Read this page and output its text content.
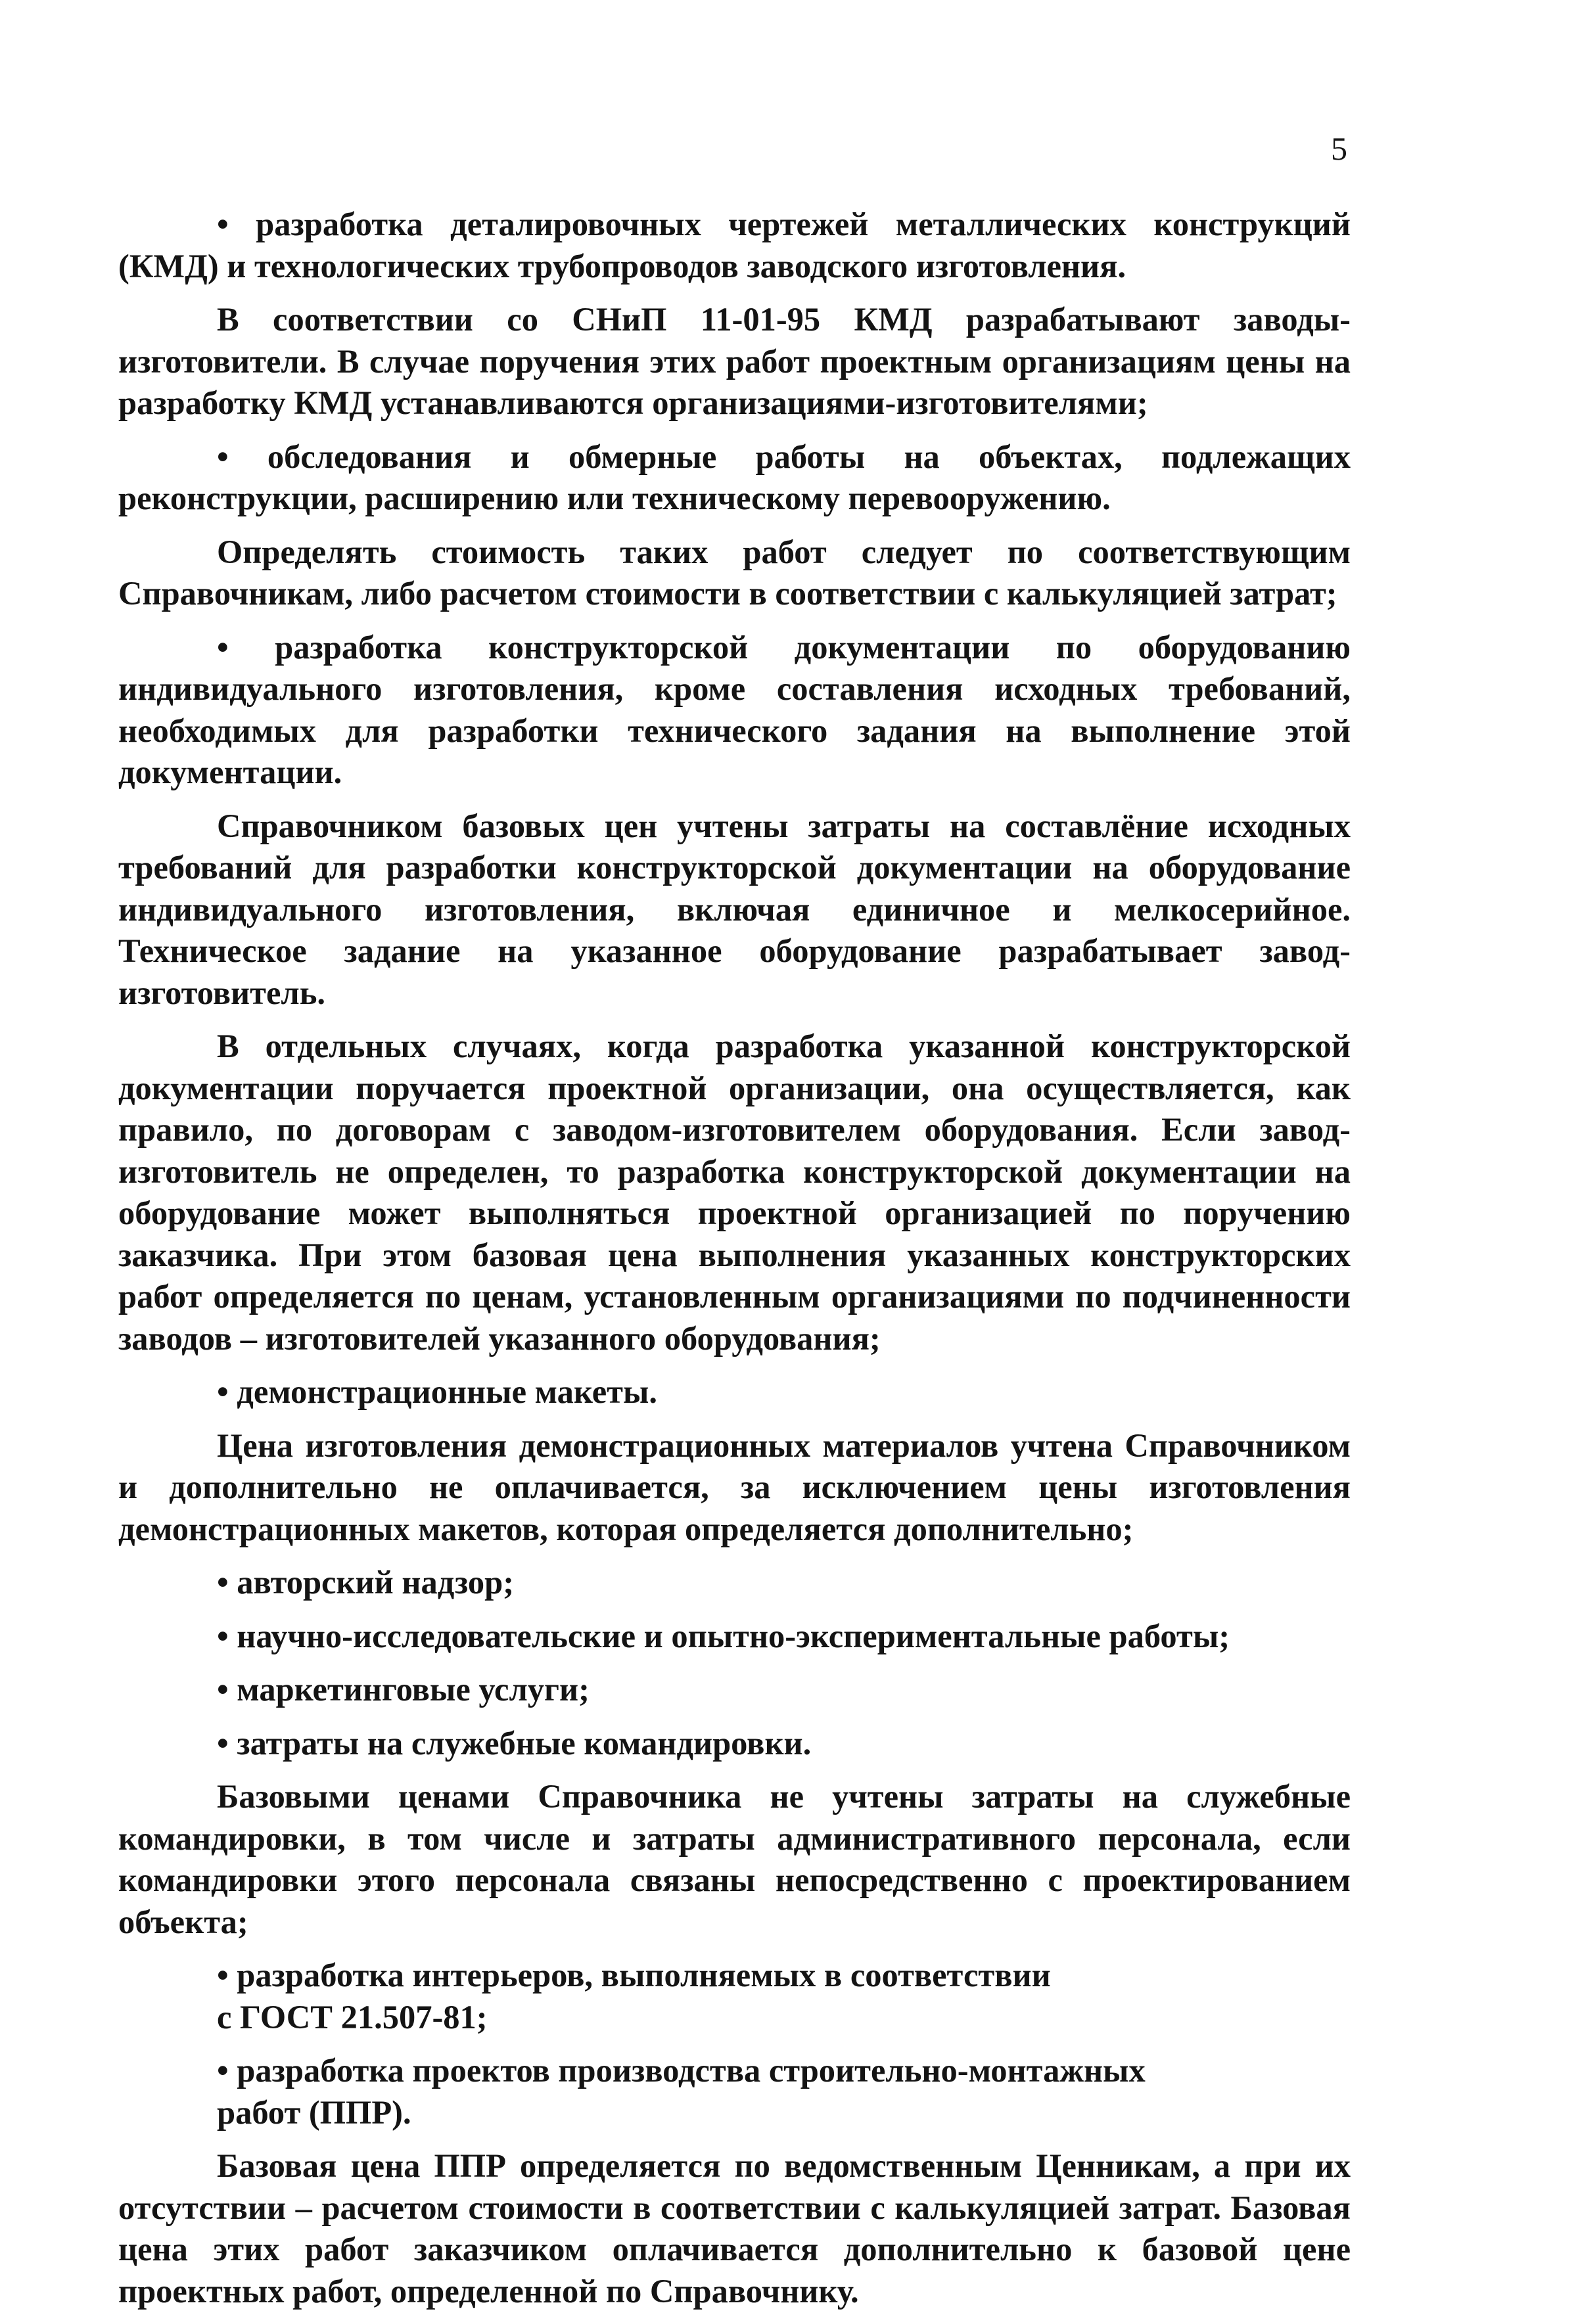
5

• разработка деталировочных чертежей металлических конструкций (КМД) и технологических трубопроводов заводского изготовления.

В соответствии со СНиП 11-01-95 КМД разрабатывают заводы-изготовители. В случае поручения этих работ проектным организациям цены на разработку КМД устанавливаются организациями-изготовителями;

• обследования и обмерные работы на объектах, подлежащих реконструкции, расширению или техническому перевооружению.

Определять стоимость таких работ следует по соответствующим Справочникам, либо расчетом стоимости в соответствии с калькуляцией затрат;

• разработка конструкторской документации по оборудованию индивидуального изготовления, кроме составления исходных требований, необходимых для разработки технического задания на выполнение этой документации.

Справочником базовых цен учтены затраты на составлёние исходных требований для разработки конструкторской документации на оборудование индивидуального изготовления, включая единичное и мелкосерийное. Техническое задание на указанное оборудование разрабатывает завод-изготовитель.

В отдельных случаях, когда разработка указанной конструкторской документации поручается проектной организации, она осуществляется, как правило, по договорам с заводом-изготовителем оборудования. Если завод-изготовитель не определен, то разработка конструкторской документации на оборудование может выполняться проектной организацией по поручению заказчика. При этом базовая цена выполнения указанных конструкторских работ определяется по ценам, установленным организациями по подчиненности заводов – изготовителей указанного оборудования;

• демонстрационные макеты.

Цена изготовления демонстрационных материалов учтена Справочником и дополнительно не оплачивается, за исключением цены изготовления демонстрационных макетов, которая определяется дополнительно;

• авторский надзор;

• научно-исследовательские и опытно-экспериментальные работы;

• маркетинговые услуги;

• затраты на служебные командировки.

Базовыми ценами Справочника не учтены затраты на служебные командировки, в том числе и затраты административного персонала, если командировки этого персонала связаны непосредственно с проектированием объекта;

• разработка интерьеров, выполняемых в соответствии
с ГОСТ 21.507-81;

• разработка проектов производства строительно-монтажных
работ (ППР).

Базовая цена ППР определяется по ведомственным Ценникам, а при их отсутствии – расчетом стоимости в соответствии с калькуляцией затрат. Базовая цена этих работ заказчиком оплачивается дополнительно к базовой цене проектных работ, определенной по Справочнику.
